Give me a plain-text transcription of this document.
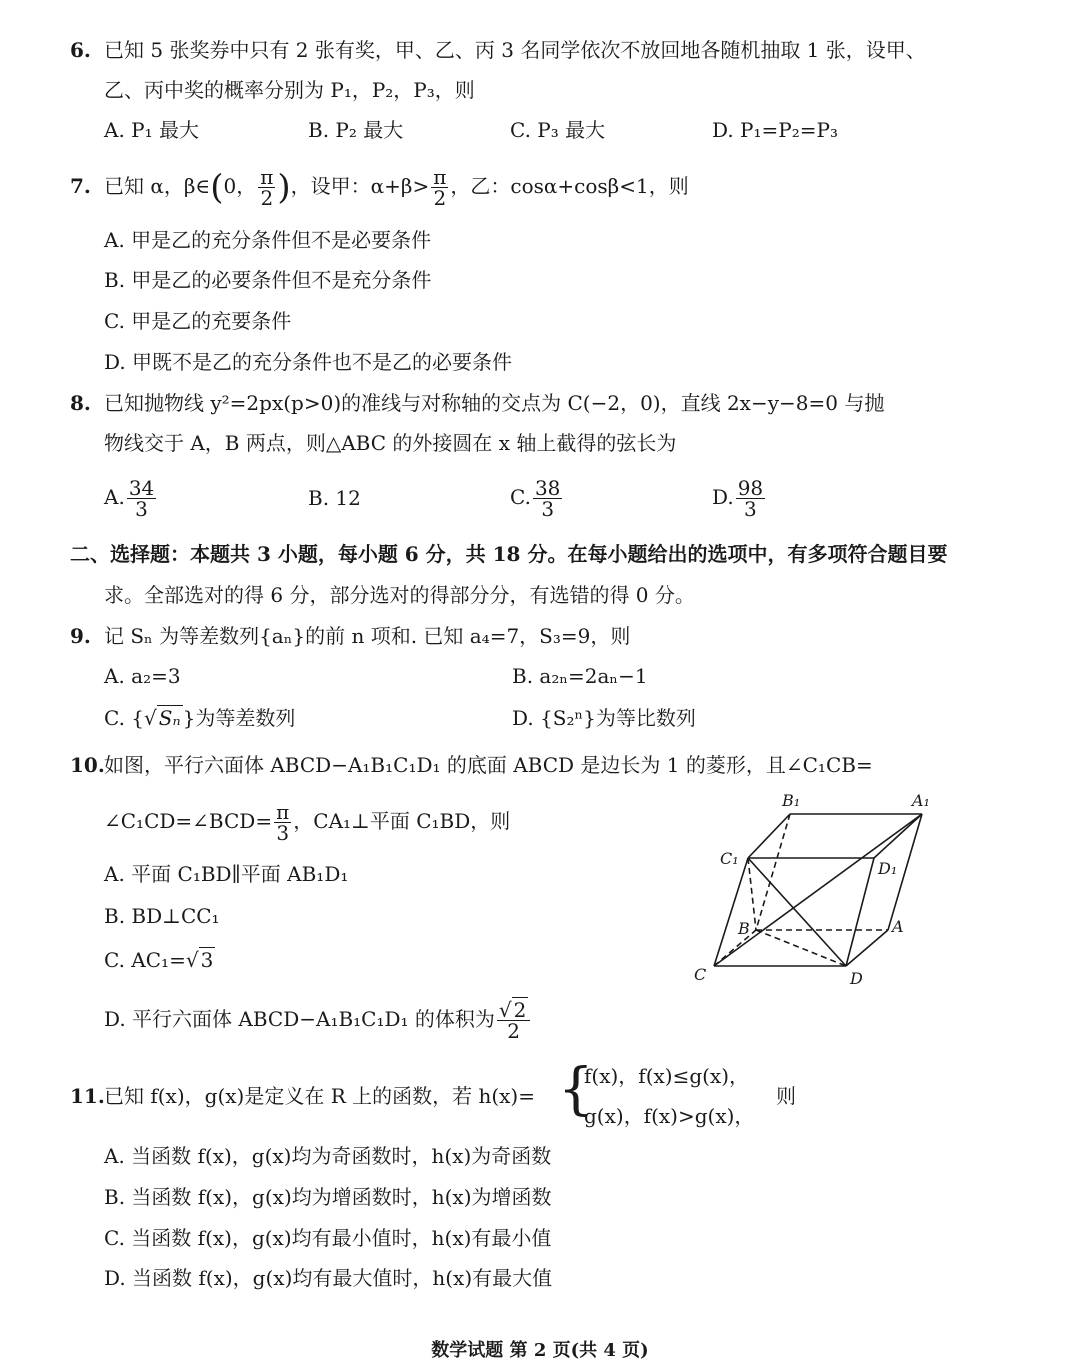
6. 已知 5 张奖券中只有 2 张有奖，甲、乙、丙 3 名同学依次不放回地各随机抽取 1 张，设甲、
乙、丙中奖的概率分别为 P₁，P₂，P₃，则
A. P₁ 最大	B. P₂ 最大	C. P₃ 最大	D. P₁=P₂=P₃
7. 已知 α，β∈(0， $\frac{\pi}{2}$ )，设甲：$\alpha+\beta> \frac{\pi}{2}$ ，乙：cosα+cosβ<1，则
A. 甲是乙的充分条件但不是必要条件
B. 甲是乙的必要条件但不是充分条件
C. 甲是乙的充要条件
D. 甲既不是乙的充分条件也不是乙的必要条件
8. 已知抛物线 y²=2px(p>0)的准线与对称轴的交点为 C(−2，0)，直线 2x−y−8=0 与抛
物线交于 A，B 两点，则△ABC 的外接圆在 x 轴上截得的弦长为
A. $\frac{34}{3}$	B. 12	C. $\frac{38}{3}$	D. $\frac{98}{3}$
二、选择题：本题共 3 小题，每小题 6 分，共 18 分。在每小题给出的选项中，有多项符合题目要
求。全部选对的得 6 分，部分选对的得部分分，有选错的得 0 分。
9. 记 Sₙ 为等差数列{aₙ}的前 n 项和. 已知 a₄=7，S₃=9，则
A. a₂=3	B. a₂ₙ=2aₙ−1
C. {√ Sₙ }为等差数列	D. {S₂ⁿ}为等比数列
10. 如图，平行六面体 ABCD−A₁B₁C₁D₁ 的底面 ABCD 是边长为 1 的菱形，且∠C₁CB=
∠C₁CD=∠BCD= $\frac{\pi}{3}$ ，CA₁⊥平面 C₁BD，则
A. 平面 C₁BD∥平面 AB₁D₁
B. BD⊥CC₁
C. AC₁=√ 3
D. 平行六面体 ABCD−A₁B₁C₁D₁ 的体积为 $\frac{√ 2}{2}$
B₁	A₁
C₁
D₁
B	A
C	D
11. 已知 f(x)，g(x)是定义在 R 上的函数，若 h(x)= {
f(x)，f(x)≤g(x)，
g(x)，f(x)>g(x)，
则
A. 当函数 f(x)，g(x)均为奇函数时，h(x)为奇函数
B. 当函数 f(x)，g(x)均为增函数时，h(x)为增函数
C. 当函数 f(x)，g(x)均有最小值时，h(x)有最小值
D. 当函数 f(x)，g(x)均有最大值时，h(x)有最大值
数学试题 第 2 页(共 4 页)
